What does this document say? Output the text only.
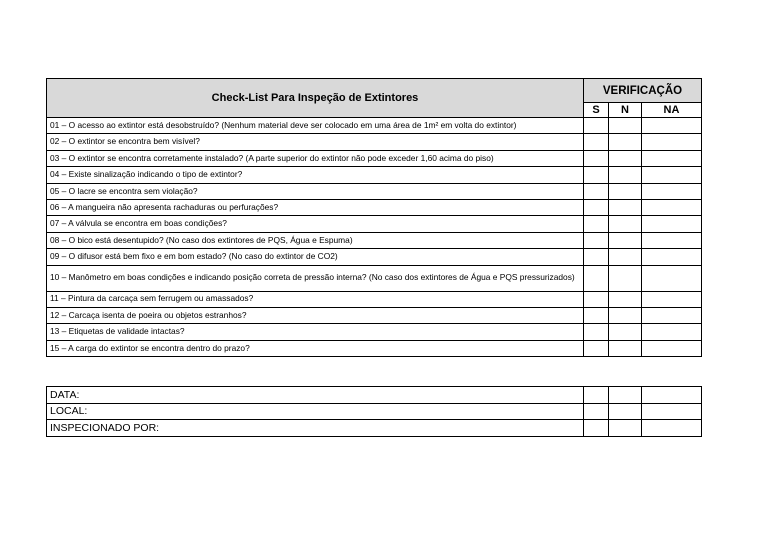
Check-List Para Inspeção de Extintores	VERIFICAÇÃO		
	S	N	NA
01 – O acesso ao extintor está desobstruído? (Nenhum material deve ser colocado em uma área de 1m² em volta do extintor)			
02 – O extintor se encontra bem visível?			
03 – O extintor se encontra corretamente instalado? (A parte superior do extintor não pode exceder 1,60 acima do piso)			
04 – Existe sinalização indicando o tipo de extintor?			
05 – O lacre se encontra sem violação?			
06 – A mangueira não apresenta rachaduras ou perfurações?			
07 – A válvula se encontra em boas condições?			
08 – O bico está desentupido? (No caso dos extintores de PQS, Água e Espuma)			
09 – O difusor está bem fixo e em bom estado? (No caso do extintor de CO2)			
10 – Manômetro em boas condições e indicando posição correta de pressão interna? (No caso dos extintores de Água e PQS pressurizados)			
11 – Pintura da carcaça sem ferrugem ou amassados?			
12 – Carcaça isenta de poeira ou objetos estranhos?			
13 – Etiquetas de validade intactas?			
15 – A carga do extintor se encontra dentro do prazo?			
DATA:			
LOCAL:			
INSPECIONADO POR:			
